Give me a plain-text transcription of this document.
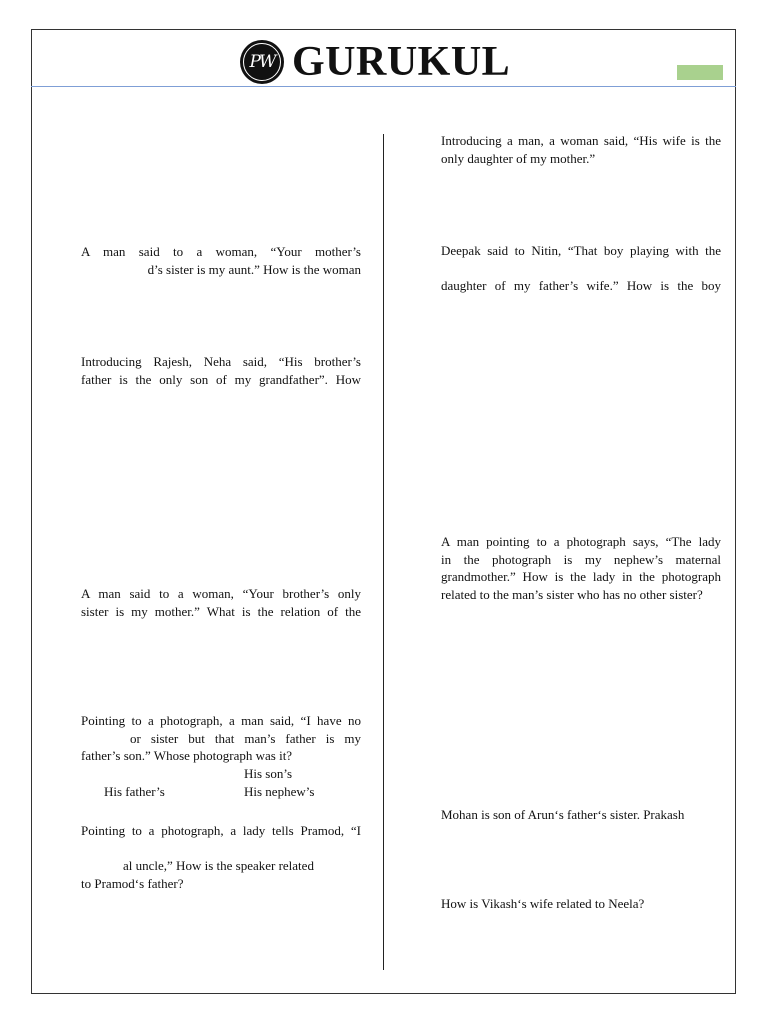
PW GURUKUL
A man said to a woman, “Your mother’s
d’s sister is my aunt.” How is the woman
Introducing Rajesh, Neha said, “His brother’s
father is the only son of my grandfather”. How
A man said to a woman, “Your brother’s only
sister is my mother.” What is the relation of the
Pointing to a photograph, a man said, “I have no
or sister but that man’s father is my
father’s son.” Whose photograph was it?
His son’s
His father’s	His nephew’s
Pointing to a photograph, a lady tells Pramod, “I
al uncle,” How is the speaker related
to Pramod‘s father?
Introducing a man, a woman said, “His wife is the
only daughter of my mother.”
Deepak said to Nitin, “That boy playing with the
daughter of my father’s wife.” How is the boy
A man pointing to a photograph says, “The lady
in the photograph is my nephew’s maternal
grandmother.” How is the lady in the photograph
related to the man’s sister who has no other sister?
Mohan is son of Arun‘s father‘s sister. Prakash
How is Vikash‘s wife related to Neela?
